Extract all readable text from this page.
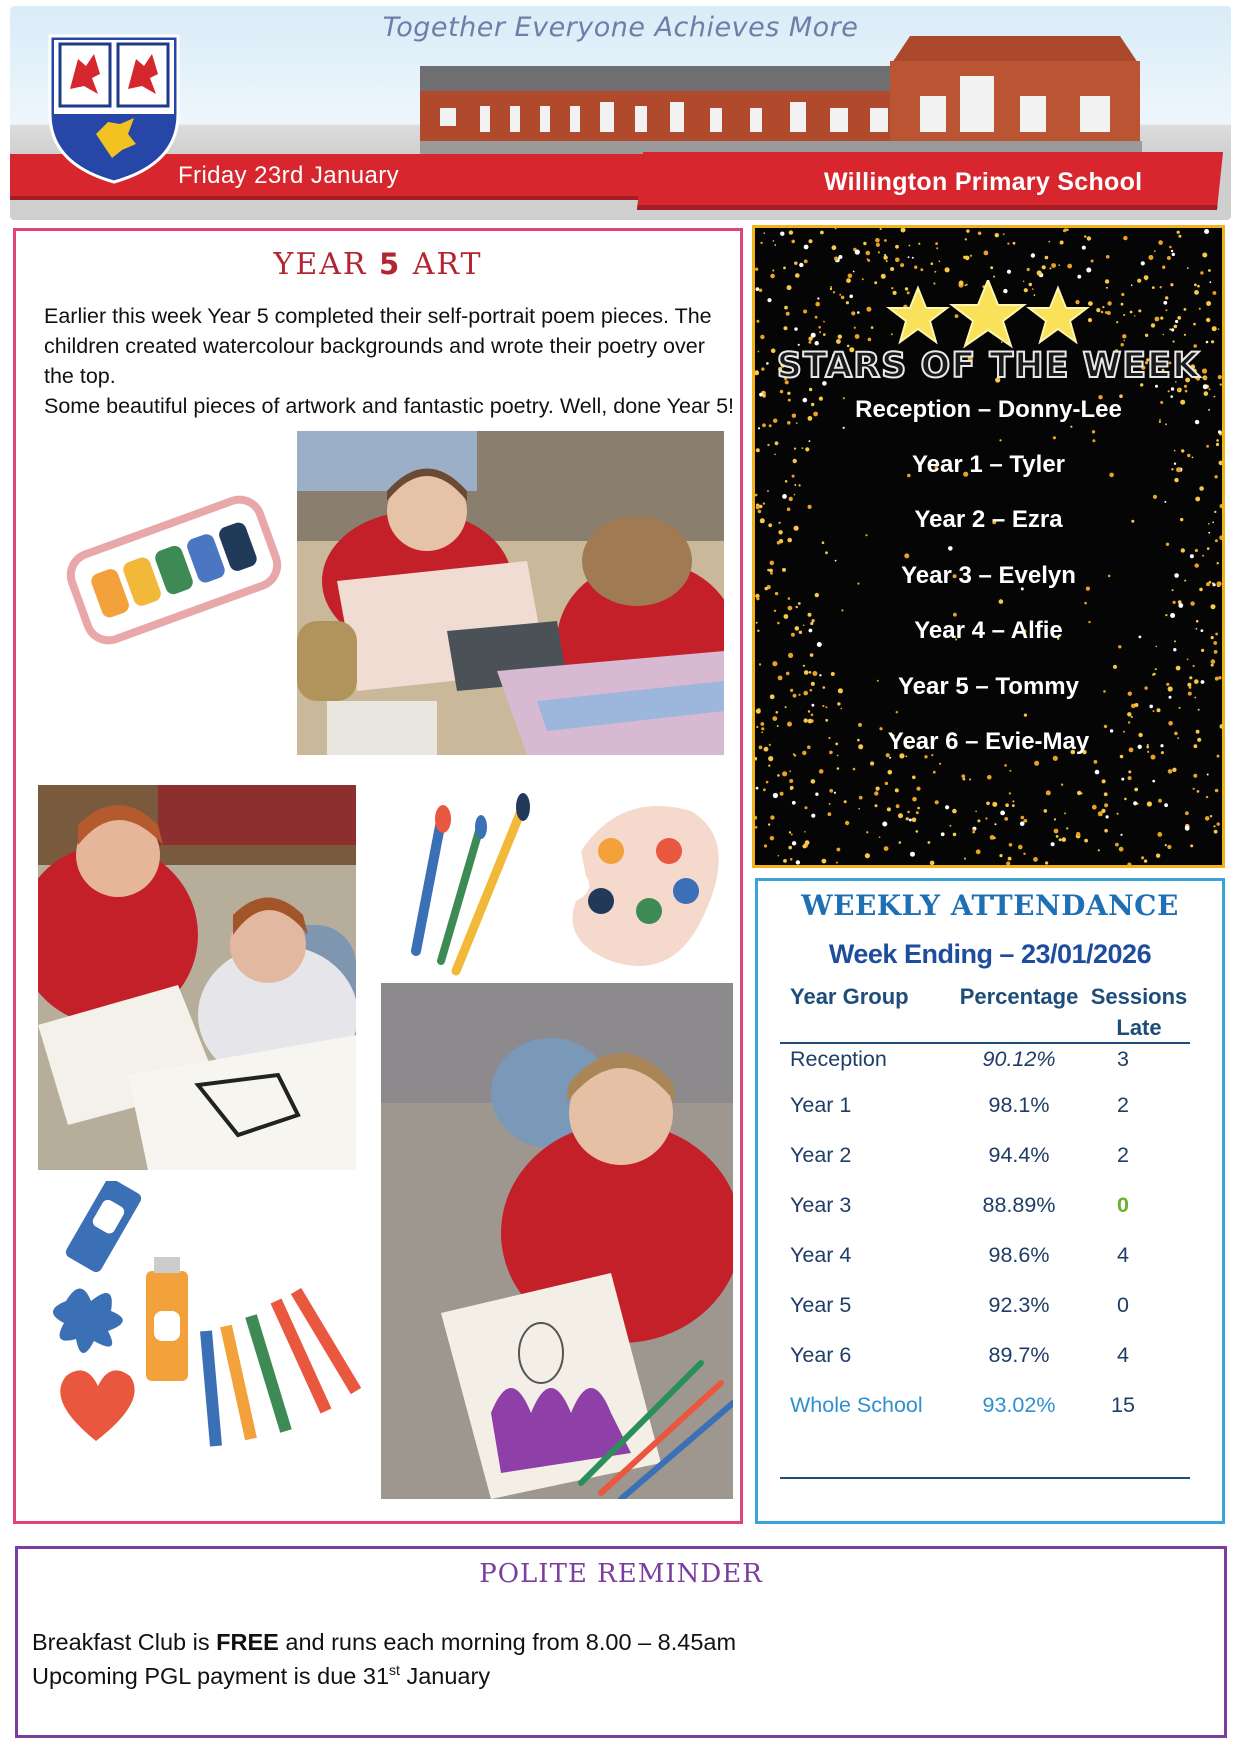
Together Everyone Achieves More
Friday 23rd January	Willington Primary School
YEAR 5 ART

Earlier this week Year 5 completed their self-portrait poem pieces. The children created watercolour backgrounds and wrote their poetry over the top.

Some beautiful pieces of artwork and fantastic poetry. Well, done Year 5!

STARS OF THE WEEK
Reception – Donny-Lee
Year 1 – Tyler
Year 2 – Ezra
Year 3 – Evelyn
Year 4 – Alfie
Year 5 – Tommy
Year 6 – Evie-May
WEEKLY ATTENDANCE
Week Ending – 23/01/2026
Year Group Percentage Sessions
Late
Reception	90.12%	3
Year 1	98.1%	2
Year 2	94.4%	2
Year 3	88.89%	0
Year 4	98.6%	4
Year 5	92.3%	0
Year 6	89.7%	4
Whole School	93.02%	15
POLITE REMINDER
Breakfast Club is FREE and runs each morning from 8.00 – 8.45am
Upcoming PGL payment is due 31st January
